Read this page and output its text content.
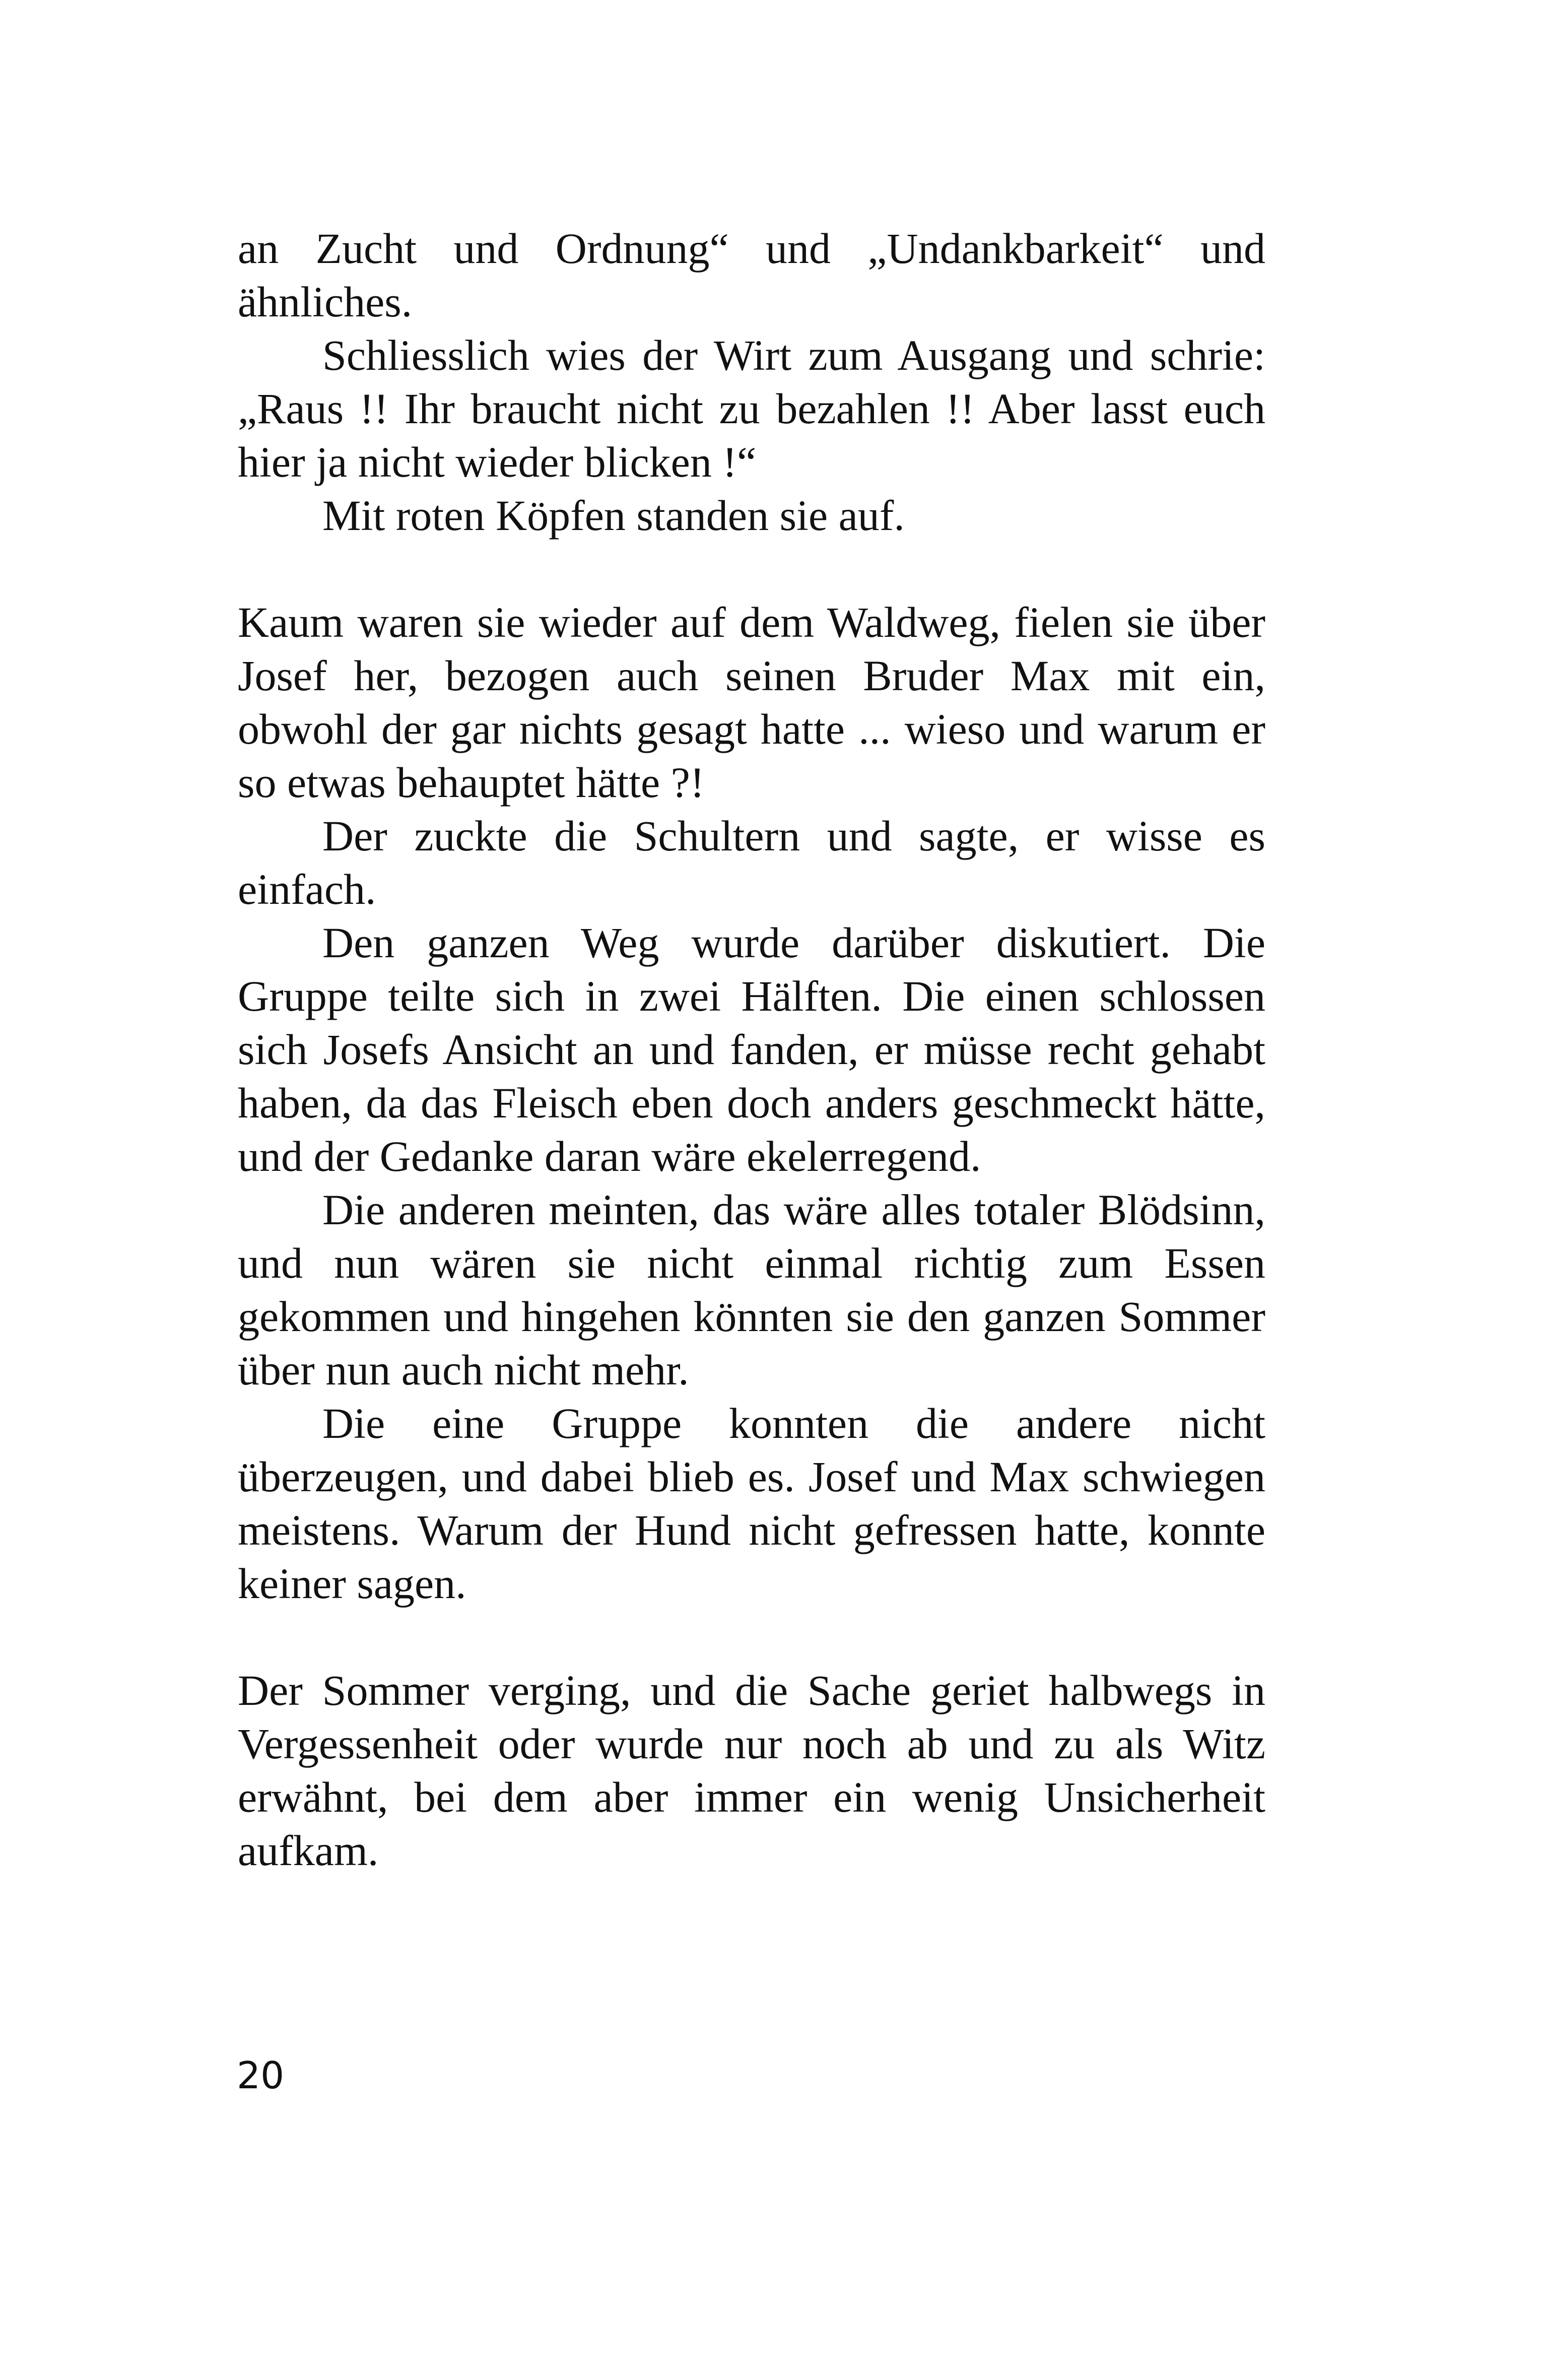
an Zucht und Ordnung“ und „Undankbarkeit“ und ähnliches.

Schliesslich wies der Wirt zum Ausgang und schrie: „Raus !! Ihr braucht nicht zu bezahlen !! Aber lasst euch hier ja nicht wieder blicken !“

Mit roten Köpfen standen sie auf.

Kaum waren sie wieder auf dem Waldweg, fielen sie über Josef her, bezogen auch seinen Bruder Max mit ein, obwohl der gar nichts gesagt hatte ... wieso und warum er so etwas behauptet hätte ?!

Der zuckte die Schultern und sagte, er wisse es einfach.

Den ganzen Weg wurde darüber diskutiert. Die Gruppe teilte sich in zwei Hälften. Die einen schlossen sich Josefs Ansicht an und fanden, er müsse recht gehabt haben, da das Fleisch eben doch anders geschmeckt hätte, und der Gedanke daran wäre ekelerregend.

Die anderen meinten, das wäre alles totaler Blödsinn, und nun wären sie nicht einmal richtig zum Essen gekommen und hingehen könnten sie den ganzen Sommer über nun auch nicht mehr.

Die eine Gruppe konnten die andere nicht überzeugen, und dabei blieb es. Josef und Max schwiegen meistens. Warum der Hund nicht gefressen hatte, konnte keiner sagen.

Der Sommer verging, und die Sache geriet halbwegs in Vergessenheit oder wurde nur noch ab und zu als Witz erwähnt, bei dem aber immer ein wenig Unsicherheit aufkam.

20
